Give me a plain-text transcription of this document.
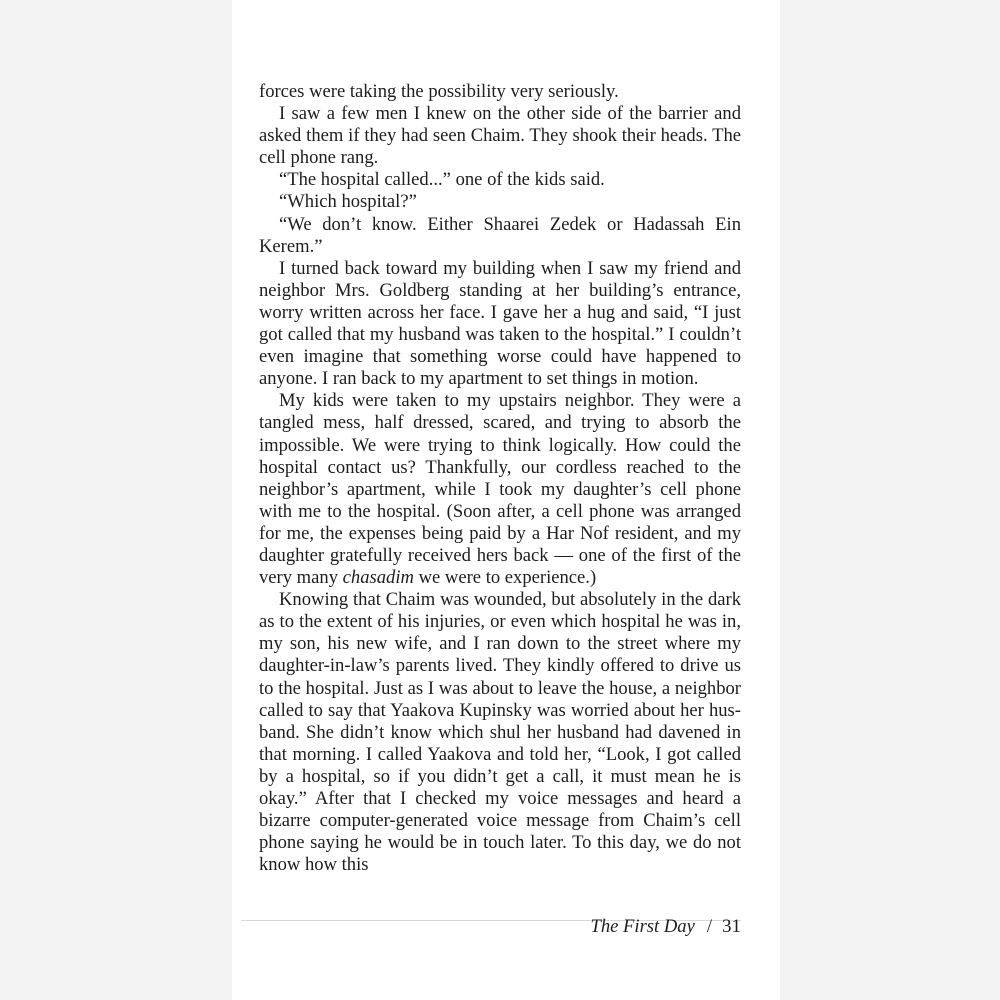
forces were taking the possibility very seriously.

I saw a few men I knew on the other side of the barrier and asked them if they had seen Chaim. They shook their heads. The cell phone rang.

“The hospital called...” one of the kids said.

“Which hospital?”

“We don’t know. Either Shaarei Zedek or Hadassah Ein Kerem.”

I turned back toward my building when I saw my friend and neighbor Mrs. Goldberg standing at her building’s entrance, worry written across her face. I gave her a hug and said, “I just got called that my husband was taken to the hospital.” I couldn’t even imagine that something worse could have happened to anyone. I ran back to my apartment to set things in motion.

My kids were taken to my upstairs neighbor. They were a tangled mess, half dressed, scared, and trying to absorb the impossible. We were trying to think logically. How could the hospital contact us? Thankfully, our cordless reached to the neighbor’s apartment, while I took my daughter’s cell phone with me to the hospital. (Soon after, a cell phone was arranged for me, the expenses being paid by a Har Nof resident, and my daughter gratefully received hers back — one of the first of the very many chasadim we were to experience.)

Knowing that Chaim was wounded, but absolutely in the dark as to the extent of his injuries, or even which hospital he was in, my son, his new wife, and I ran down to the street where my daughter-in-law’s parents lived. They kindly offered to drive us to the hospital. Just as I was about to leave the house, a neighbor called to say that Yaakova Kupinsky was worried about her husband. She didn’t know which shul her husband had davened in that morning. I called Yaakova and told her, “Look, I got called by a hospital, so if you didn’t get a call, it must mean he is okay.” After that I checked my voice messages and heard a bizarre computer-generated voice message from Chaim’s cell phone saying he would be in touch later. To this day, we do not know how this

The First Day / 31
